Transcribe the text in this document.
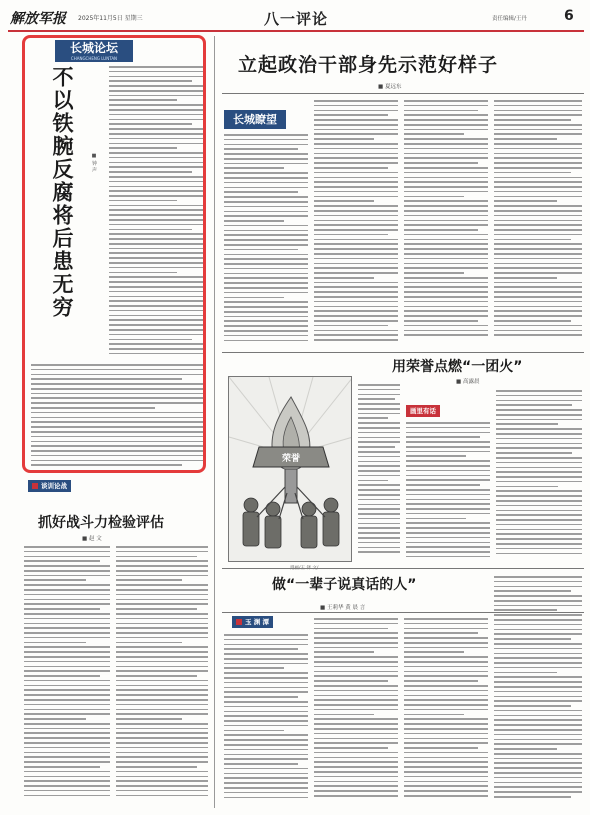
解放军报 2025年11月5日 星期三	八一评论	责任编辑/王丹	6
长城论坛
CHANGCHENG LUNTAN
不以铁腕反腐将后患无穷	■ 钟 声
立起政治干部身先示范好样子
■ 夏远东
长城瞭望
用荣誉点燃“一团火”
■ 高露晨
荣誉
画里有话
谈训论战
抓好战斗力检验评估
■ 赵 文
做“一辈子说真话的人”
■ 王莉华 黄 晨 言
玉 渊 潭
